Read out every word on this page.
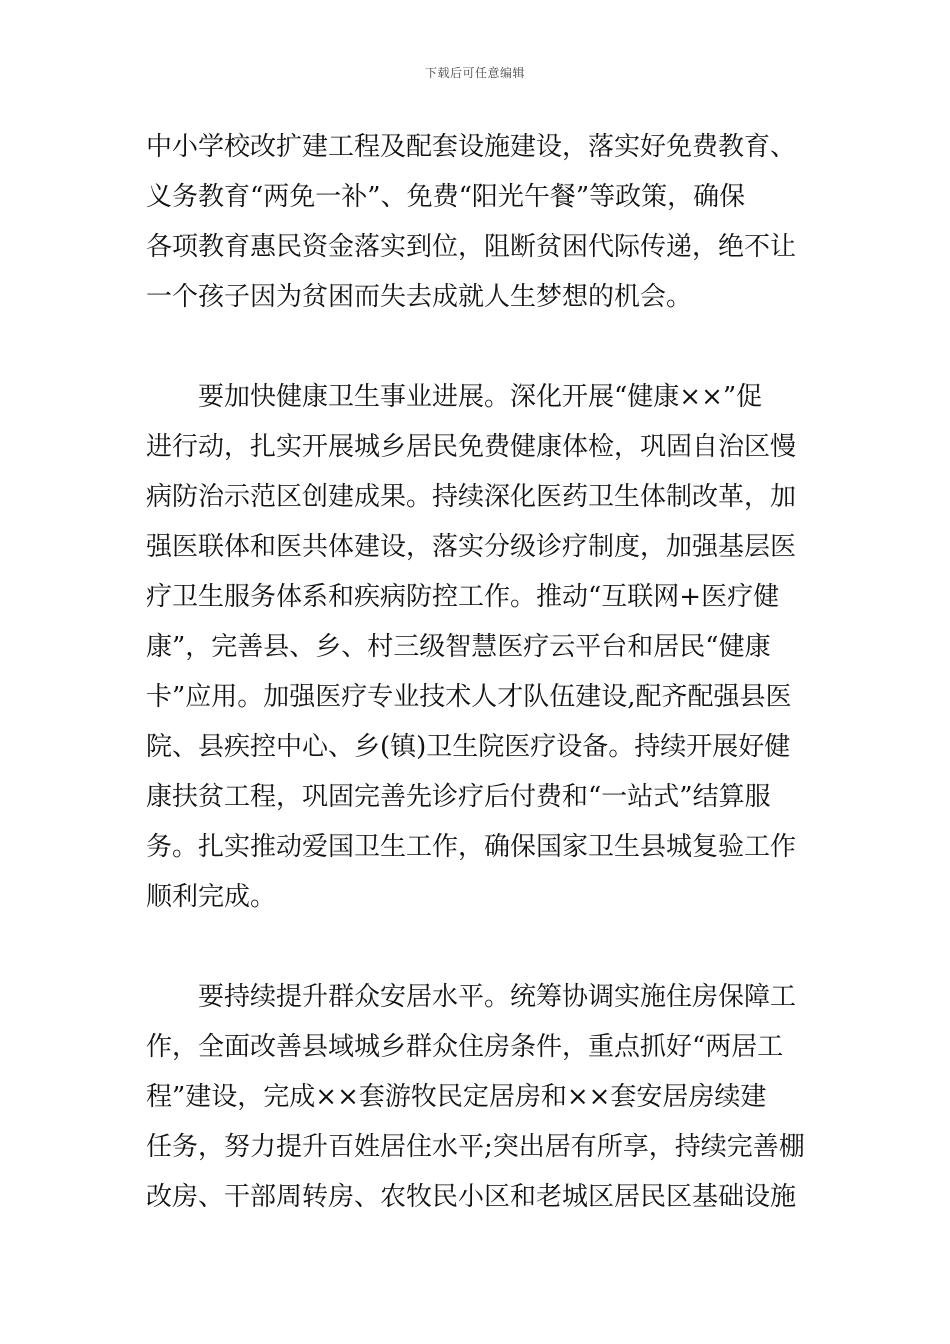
下载后可任意编辑

中小学校改扩建工程及配套设施建设，落实好免费教育、

义务教育“两免一补”、免费“阳光午餐”等政策，确保

各项教育惠民资金落实到位，阻断贫困代际传递，绝不让

一个孩子因为贫困而失去成就人生梦想的机会。

要加快健康卫生事业进展。深化开展“健康××”促

进行动，扎实开展城乡居民免费健康体检，巩固自治区慢

病防治示范区创建成果。持续深化医药卫生体制改革，加

强医联体和医共体建设，落实分级诊疗制度，加强基层医

疗卫生服务体系和疾病防控工作。推动“互联网+医疗健

康”，完善县、乡、村三级智慧医疗云平台和居民“健康

卡”应用。加强医疗专业技术人才队伍建设,配齐配强县医

院、县疾控中心、乡(镇)卫生院医疗设备。持续开展好健

康扶贫工程，巩固完善先诊疗后付费和“一站式”结算服

务。扎实推动爱国卫生工作，确保国家卫生县城复验工作

顺利完成。

要持续提升群众安居水平。统筹协调实施住房保障工

作，全面改善县域城乡群众住房条件，重点抓好“两居工

程”建设，完成××套游牧民定居房和××套安居房续建

任务，努力提升百姓居住水平;突出居有所享，持续完善棚

改房、干部周转房、农牧民小区和老城区居民区基础设施
